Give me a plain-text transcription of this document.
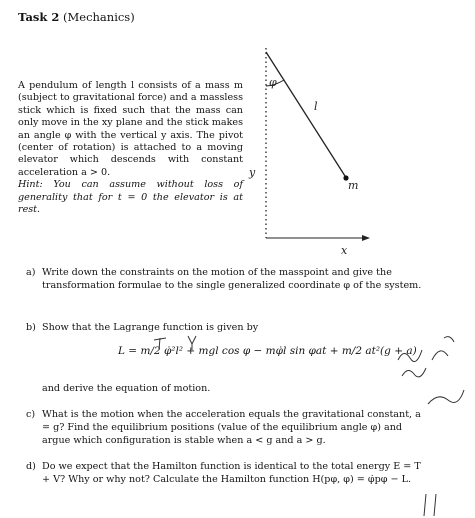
Task 2 (Mechanics)
A pendulum of length l consists of a mass m (subject to gravitational force) and a massless stick which is fixed such that the mass can only move in the xy plane and the stick makes an angle φ with the vertical y axis. The pivot (center of rotation) is attached to a moving elevator which descends with constant acceleration a > 0.
Hint: You can assume without loss of generality that for t = 0 the elevator is at rest.
φ
l
m
y
x
a) Write down the constraints on the motion of the masspoint and give the transformation formulae to the single generalized coordinate φ of the system.
b) Show that the Lagrange function is given by
L = m/2 φ̇²l² + mgl cos φ − mφ̇l sin φat + m/2 at²(g + a)
and derive the equation of motion.
c) What is the motion when the acceleration equals the gravitational constant, a = g? Find the equilibrium positions (value of the equilibrium angle φ) and argue which configuration is stable when a < g and a > g.
d) Do we expect that the Hamilton function is identical to the total energy E = T + V? Why or why not? Calculate the Hamilton function H(pφ, φ) = φ̇pφ − L.
